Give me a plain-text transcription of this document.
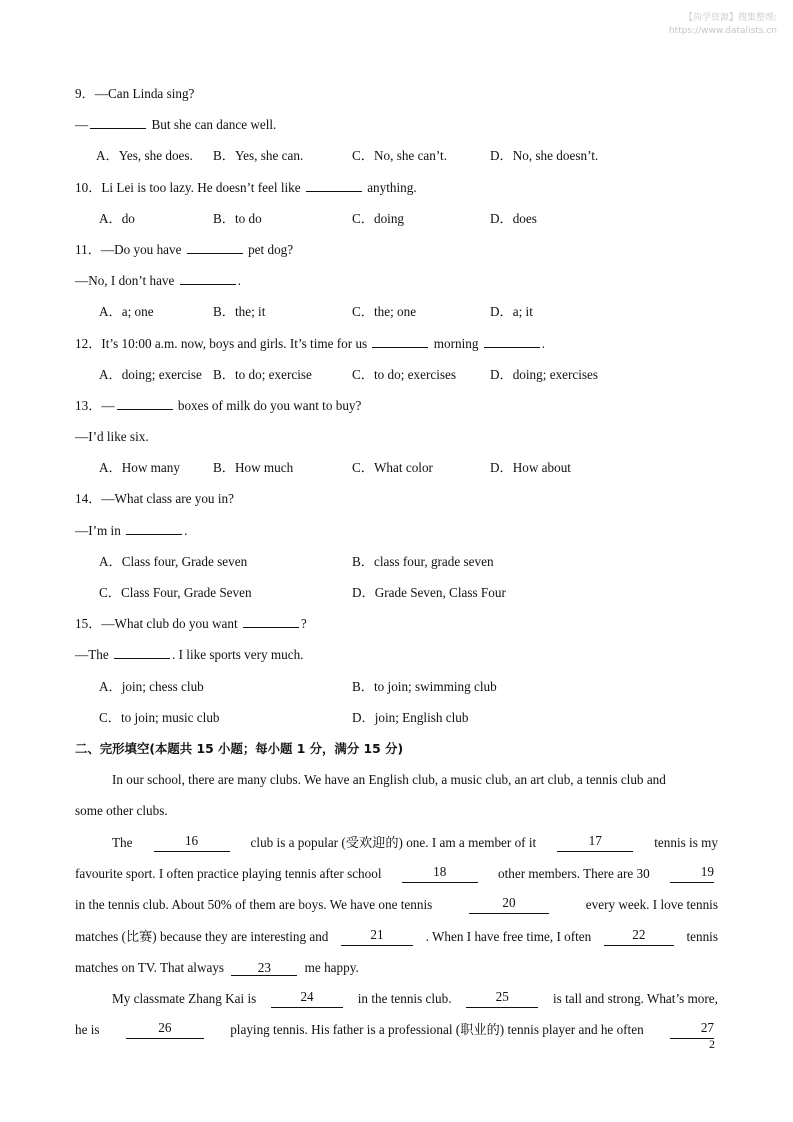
【尚学资源】搜集整理:
https://www.datalists.cn
9．—Can Linda sing?
—	But she can dance well.
A．Yes, she does. B．Yes, she can.	C．No, she can’t.	D．No, she doesn’t.
10．Li Lei is too lazy. He doesn’t feel like	anything.
A．do	B．to do	C．doing	D．does
11．—Do you have	pet dog?
—No, I don’t have	.
A．a; one	B．the; it	C．the; one	D．a; it
12．It’s 10:00 a.m. now, boys and girls. It’s time for us	morning	.
A．doing; exercise B．to do; exercise	C．to do; exercises	D．doing; exercises
13．—	boxes of milk do you want to buy?
—I’d like six.
A．How many	B．How much	C．What color	D．How about
14．—What class are you in?
—I’m in	.
A．Class four, Grade seven	B．class four, grade seven
C．Class Four, Grade Seven	D．Grade Seven, Class Four
15．—What club do you want	?
—The	. I like sports very much.
A．join; chess club	B．to join; swimming club
C．to join; music club	D．join; English club
二、完形填空(本题共 15 小题；每小题 1 分，满分 15 分)
In our school, there are many clubs. We have an English club, a music club, an art club, a tennis club and
some other clubs.
The	16	club is a popular (受欢迎的) one. I am a member of it	17	tennis is my
favourite sport. I often practice playing tennis after school	18	other members. There are 30	19
in the tennis club. About 50% of them are boys. We have one tennis	20	every week. I love tennis
matches (比赛) because they are interesting and	21	. When I have free time, I often	22	tennis
matches on TV. That always	23	me happy.
My classmate Zhang Kai is	24	in the tennis club.	25	is tall and strong. What’s more,
he is	26	playing tennis. His father is a professional (职业的) tennis player and he often	27
2
